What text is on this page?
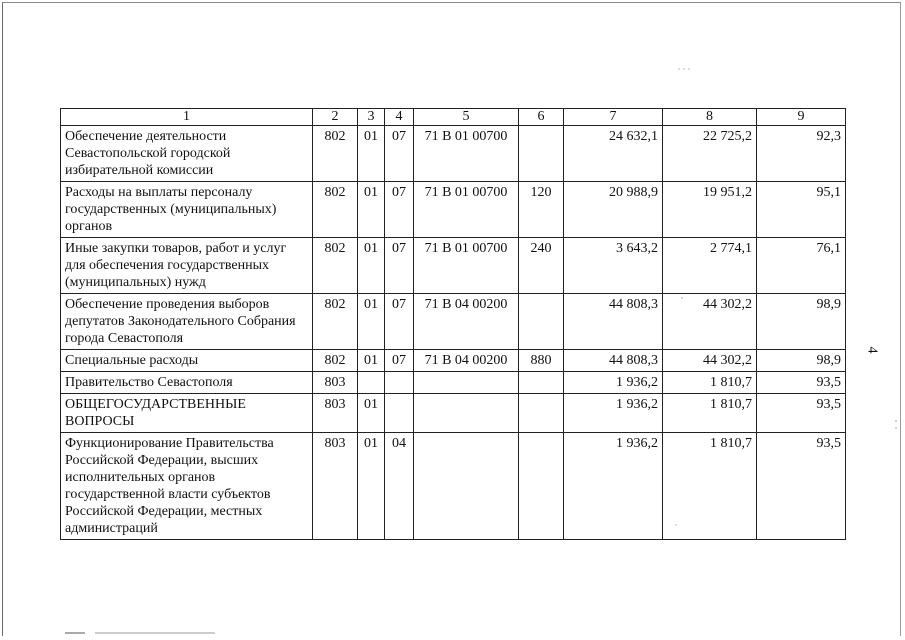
1	2	3	4	5	6	7	8	9
Обеспечение деятельности Севастопольской городской избирательной комиссии	802	01	07	71 В 01 00700		24 632,1	22 725,2	92,3
Расходы на выплаты персоналу государственных (муниципальных) органов	802	01	07	71 В 01 00700	120	20 988,9	19 951,2	95,1
Иные закупки товаров, работ и услуг для обеспечения государственных (муниципальных) нужд	802	01	07	71 В 01 00700	240	3 643,2	2 774,1	76,1
Обеспечение проведения выборов депутатов Законодательного Собрания города Севастополя	802	01	07	71 В 04 00200		44 808,3	44 302,2	98,9
Специальные расходы	802	01	07	71 В 04 00200	880	44 808,3	44 302,2	98,9
Правительство Севастополя	803					1 936,2	1 810,7	93,5
ОБЩЕГОСУДАРСТВЕННЫЕ ВОПРОСЫ	803	01				1 936,2	1 810,7	93,5
Функционирование Правительства Российской Федерации, высших исполнительных органов государственной власти субъектов Российской Федерации, местных администраций	803	01	04			1 936,2	1 810,7	93,5
4
